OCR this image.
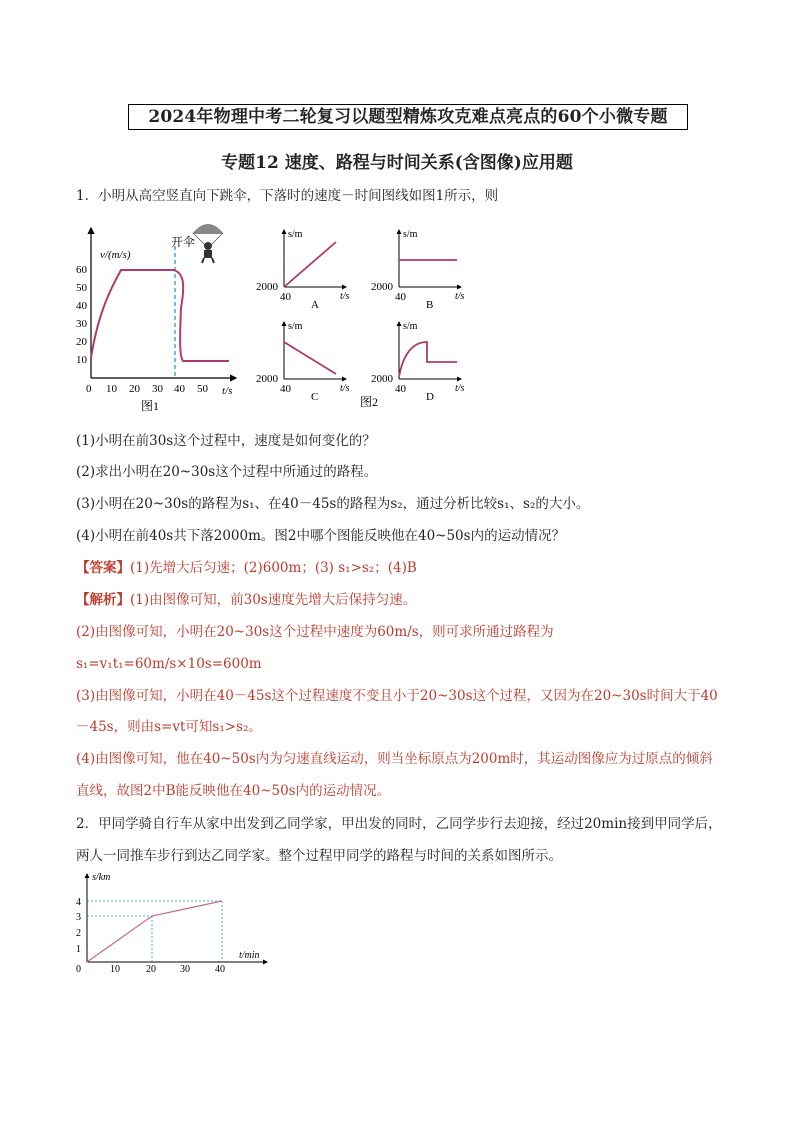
2024年物理中考二轮复习以题型精炼攻克难点亮点的60个小微专题
专题12 速度、路程与时间关系(含图像)应用题
1．小明从高空竖直向下跳伞，下落时的速度－时间图线如图1所示，则
v/(m/s)
t/s
60
50
40
30
20
10
0 10 20 30 40 50
开伞
图1
s/m
t/s
2000
40
A
s/m
t/s
2000
40
B
s/m
t/s
2000
40
C
s/m
t/s
2000
40
D
图2
(1)小明在前30s这个过程中，速度是如何变化的？
(2)求出小明在20~30s这个过程中所通过的路程。
(3)小明在20~30s的路程为s₁、在40－45s的路程为s₂，通过分析比较s₁、s₂的大小。
(4)小明在前40s共下落2000m。图2中哪个图能反映他在40~50s内的运动情况？
【答案】(1)先增大后匀速；(2)600m；(3) s₁>s₂；(4)B
【解析】(1)由图像可知，前30s速度先增大后保持匀速。
(2)由图像可知，小明在20~30s这个过程中速度为60m/s，则可求所通过路程为
s₁=v₁t₁=60m/s×10s=600m
(3)由图像可知，小明在40－45s这个过程速度不变且小于20~30s这个过程，又因为在20~30s时间大于40
－45s，则由s=vt可知s₁>s₂。
(4)由图像可知，他在40~50s内为匀速直线运动，则当坐标原点为200m时，其运动图像应为过原点的倾斜
直线，故图2中B能反映他在40~50s内的运动情况。
2．甲同学骑自行车从家中出发到乙同学家，甲出发的同时，乙同学步行去迎接，经过20min接到甲同学后，
两人一同推车步行到达乙同学家。整个过程甲同学的路程与时间的关系如图所示。
s/km
t/min
4
3
2
1
0	10	20 30	40
